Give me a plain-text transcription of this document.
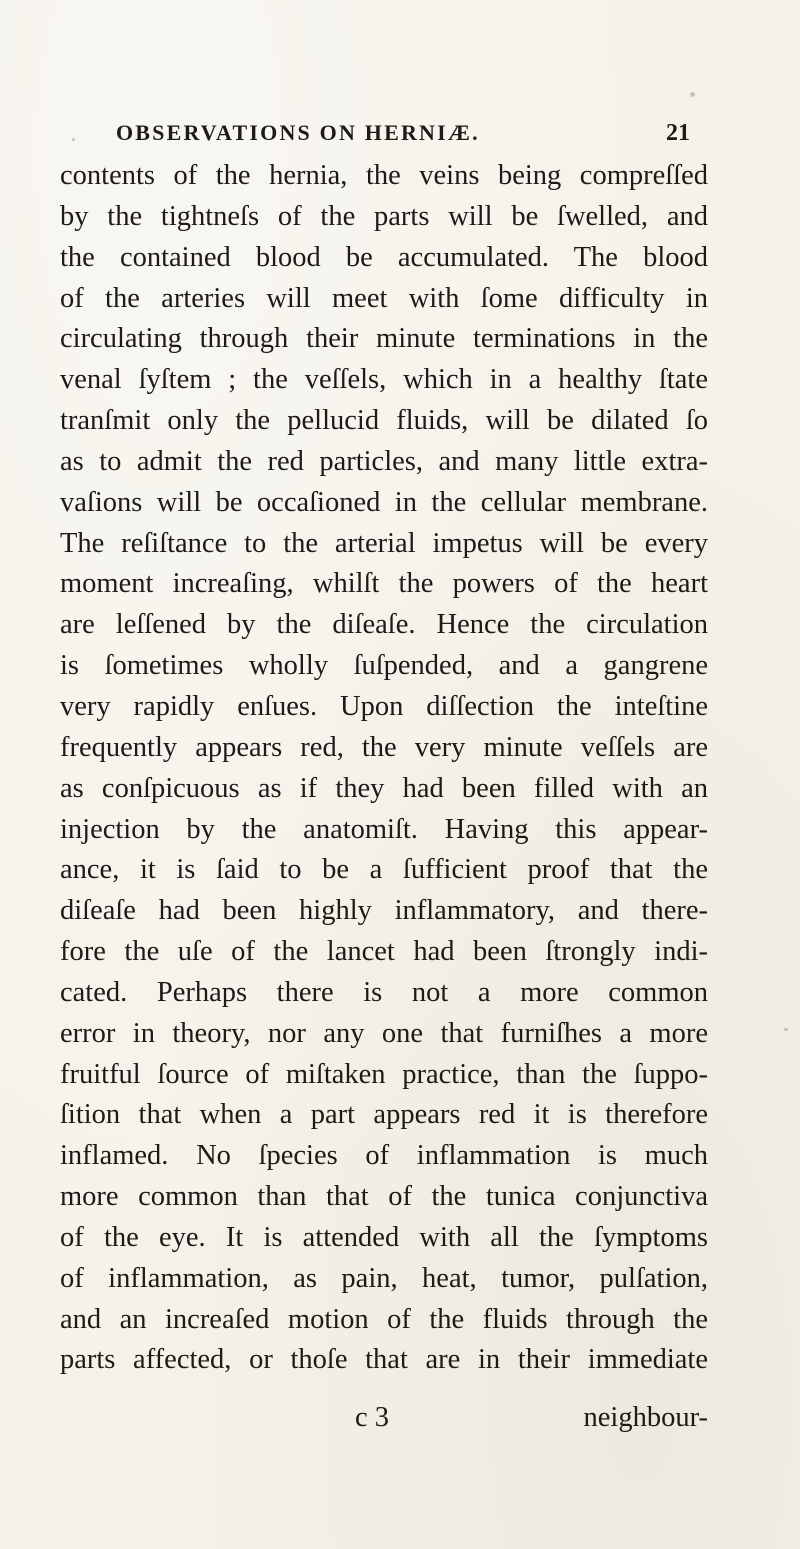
OBSERVATIONS ON HERNIÆ.	21
contents of the hernia, the veins being compreſſed
by the tightneſs of the parts will be ſwelled, and
the contained blood be accumulated. The blood
of the arteries will meet with ſome difficulty in
circulating through their minute terminations in the
venal ſyſtem ; the veſſels, which in a healthy ſtate
tranſmit only the pellucid fluids, will be dilated ſo
as to admit the red particles, and many little extra-
vaſions will be occaſioned in the cellular membrane.
The reſiſtance to the arterial impetus will be every
moment increaſing, whilſt the powers of the heart
are leſſened by the diſeaſe. Hence the circulation
is ſometimes wholly ſuſpended, and a gangrene
very rapidly enſues. Upon diſſection the inteſtine
frequently appears red, the very minute veſſels are
as conſpicuous as if they had been filled with an
injection by the anatomiſt. Having this appear-
ance, it is ſaid to be a ſufficient proof that the
diſeaſe had been highly inflammatory, and there-
fore the uſe of the lancet had been ſtrongly indi-
cated. Perhaps there is not a more common
error in theory, nor any one that furniſhes a more
fruitful ſource of miſtaken practice, than the ſuppo-
ſition that when a part appears red it is therefore
inflamed. No ſpecies of inflammation is much
more common than that of the tunica conjunctiva
of the eye. It is attended with all the ſymptoms
of inflammation, as pain, heat, tumor, pulſation,
and an increaſed motion of the fluids through the
parts affected, or thoſe that are in their immediate
c 3	neighbour-
